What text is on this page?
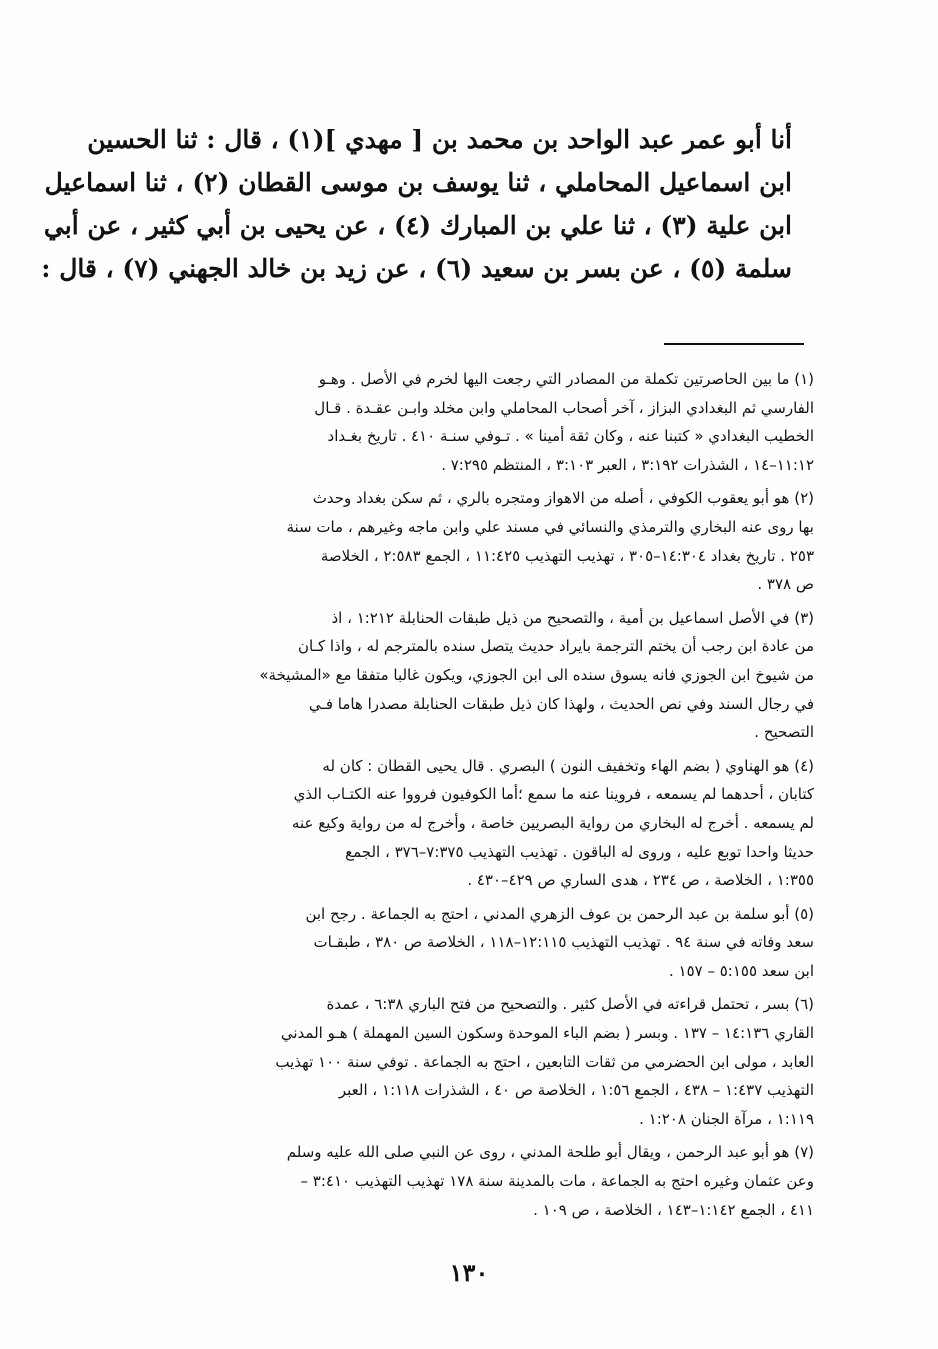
أنا أبو عمر عبد الواحد بن محمد بن [ مهدي ](١) ، قال : ثنا الحسين
ابن اسماعيل المحاملي ، ثنا يوسف بن موسى القطان (٢) ، ثنا اسماعيل
ابن علية (٣) ، ثنا علي بن المبارك (٤) ، عن يحيى بن أبي كثير ، عن أبي
سلمة (٥) ، عن بسر بن سعيد (٦) ، عن زيد بن خالد الجهني (٧) ، قال :
(١) ما بين الحاصرتين تكملة من المصادر التي رجعت اليها لخرم في الأصل . وهـو
الفارسي ثم البغدادي البزاز ، آخر أصحاب المحاملي وابن مخلد وابـن عقـدة . قـال
الخطيب البغدادي « كتبنا عنه ، وكان ثقة أمينا » . تـوفي سنـة ٤١٠ . تاريخ بغـداد
١١:١٢–١٤ ، الشذرات ٣:١٩٢ ، العبر ٣:١٠٣ ، المنتظم ٧:٢٩٥ .
(٢) هو أبو يعقوب الكوفي ، أصله من الاهواز ومتجره بالري ، ثم سكن بغداد وحدث
بها روى عنه البخاري والترمذي والنسائي في مسند علي وابن ماجه وغيرهم ، مات سنة
٢٥٣ . تاريخ بغداد ١٤:٣٠٤–٣٠٥ ، تهذيب التهذيب ١١:٤٢٥ ، الجمع ٢:٥٨٣ ، الخلاصة
ص ٣٧٨ .
(٣) في الأصل اسماعيل بن أمية ، والتصحيح من ذيل طبقات الحنابلة ١:٢١٢ ، اذ
من عادة ابن رجب أن يختم الترجمة بايراد حديث يتصل سنده بالمترجم له ، واذا كـان
من شيوخ ابن الجوزي فانه يسوق سنده الى ابن الجوزي، ويكون غالبا متفقا مع «المشيخة»
في رجال السند وفي نص الحديث ، ولهذا كان ذيل طبقات الحنابلة مصدرا هاما فـي
التصحيح .
(٤) هو الهناوي ( بضم الهاء وتخفيف النون ) البصري . قال يحيى القطان : كان له
كتابان ، أحدهما لم يسمعه ، فروينا عنه ما سمع ؛أما الكوفيون فرووا عنه الكتـاب الذي
لم يسمعه . أخرج له البخاري من رواية البصريين خاصة ، وأخرج له من رواية وكيع عنه
حديثا واحدا توبع عليه ، وروى له الباقون . تهذيب التهذيب ٧:٣٧٥–٣٧٦ ، الجمع
١:٣٥٥ ، الخلاصة ، ص ٢٣٤ ، هدى الساري ص ٤٢٩–٤٣٠ .
(٥) أبو سلمة بن عبد الرحمن بن عوف الزهري المدني ، احتج به الجماعة . رجح ابن
سعد وفاته في سنة ٩٤ . تهذيب التهذيب ١٢:١١٥–١١٨ ، الخلاصة ص ٣٨٠ ، طبقـات
ابن سعد ٥:١٥٥ – ١٥٧ .
(٦) بسر ، تحتمل قراءته في الأصل كثير . والتصحيح من فتح الباري ٦:٣٨ ، عمدة
القاري ١٤:١٣٦ – ١٣٧ . وبسر ( بضم الباء الموحدة وسكون السين المهملة ) هـو المدني
العابد ، مولى ابن الحضرمي من ثقات التابعين ، احتج به الجماعة . توفي سنة ١٠٠ تهذيب
التهذيب ١:٤٣٧ – ٤٣٨ ، الجمع ١:٥٦ ، الخلاصة ص ٤٠ ، الشذرات ١:١١٨ ، العبر
١:١١٩ ، مرآة الجنان ١:٢٠٨ .
(٧) هو أبو عبد الرحمن ، ويقال أبو طلحة المدني ، روى عن النبي صلى الله عليه وسلم
وعن عثمان وغيره احتج به الجماعة ، مات بالمدينة سنة ١٧٨ تهذيب التهذيب ٣:٤١٠ –
٤١١ ، الجمع ١:١٤٢–١٤٣ ، الخلاصة ، ص ١٠٩ .
١٣٠
